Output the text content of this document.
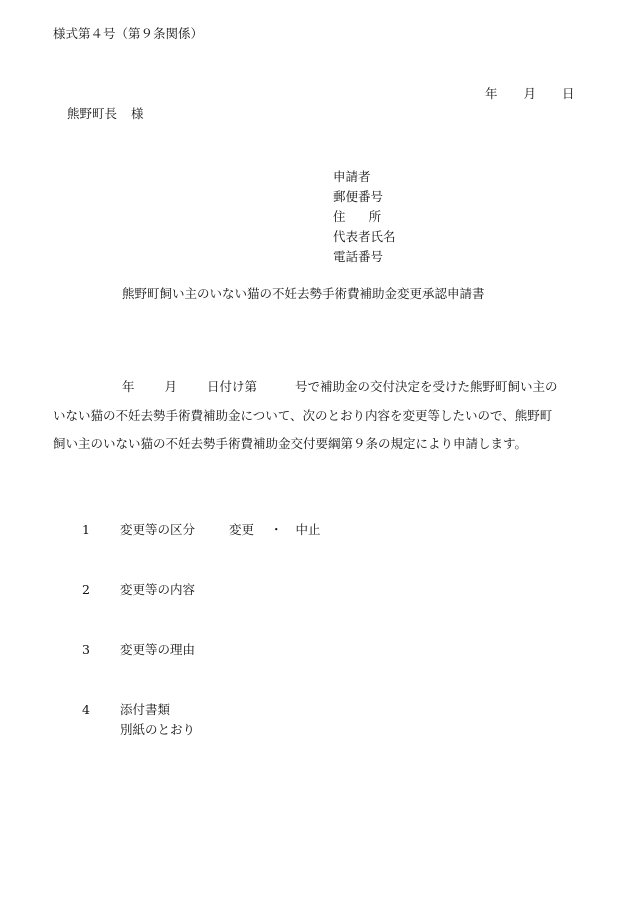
様式第４号（第９条関係）
年 月 日
熊野町長 様
申請者
郵便番号
住所
代表者氏名
電話番号
熊野町飼い主のいない猫の不妊去勢手術費補助金変更承認申請書
年 月 日付け第	号で補助金の交付決定を受けた熊野町飼い主の
いない猫の不妊去勢手術費補助金について、次のとおり内容を変更等したいので、熊野町
飼い主のいない猫の不妊去勢手術費補助金交付要綱第９条の規定により申請します。
1 変更等の区分	変更 ・ 中止
2 変更等の内容
3 変更等の理由
4 添付書類
別紙のとおり
